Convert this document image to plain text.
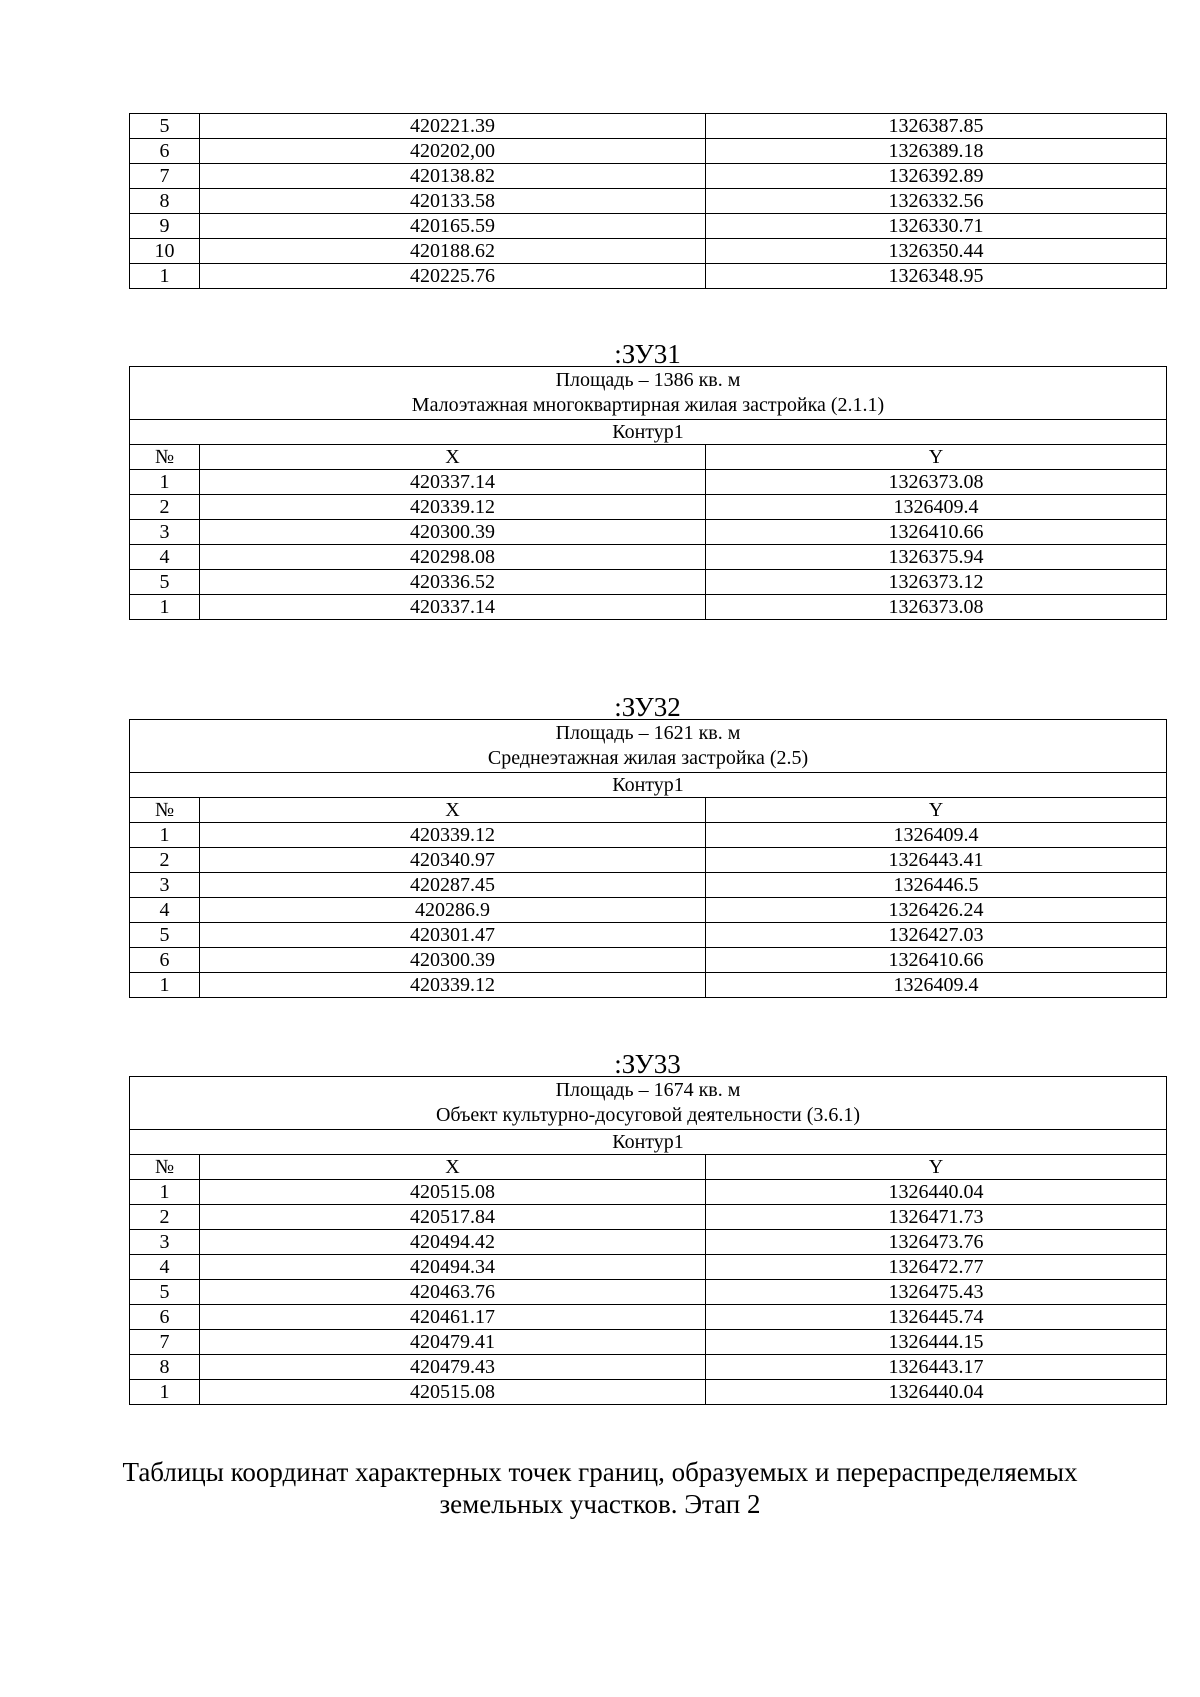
5	420221.39	1326387.85
6	420202,00	1326389.18
7	420138.82	1326392.89
8	420133.58	1326332.56
9	420165.59	1326330.71
10	420188.62	1326350.44
1	420225.76	1326348.95
:ЗУ31
Площадь – 1386 кв. м
Малоэтажная многоквартирная жилая застройка (2.1.1)		

Контур1		
№	X	Y
1	420337.14	1326373.08
2	420339.12	1326409.4
3	420300.39	1326410.66
4	420298.08	1326375.94
5	420336.52	1326373.12
1	420337.14	1326373.08
:ЗУ32
Площадь – 1621 кв. м
Среднеэтажная жилая застройка (2.5)		

Контур1		
№	X	Y
1	420339.12	1326409.4
2	420340.97	1326443.41
3	420287.45	1326446.5
4	420286.9	1326426.24
5	420301.47	1326427.03
6	420300.39	1326410.66
1	420339.12	1326409.4
:ЗУ33
Площадь – 1674 кв. м
Объект культурно-досуговой деятельности (3.6.1)		

Контур1		
№	X	Y
1	420515.08	1326440.04
2	420517.84	1326471.73
3	420494.42	1326473.76
4	420494.34	1326472.77
5	420463.76	1326475.43
6	420461.17	1326445.74
7	420479.41	1326444.15
8	420479.43	1326443.17
1	420515.08	1326440.04
Таблицы координат характерных точек границ, образуемых и перераспределяемых
земельных участков. Этап 2
